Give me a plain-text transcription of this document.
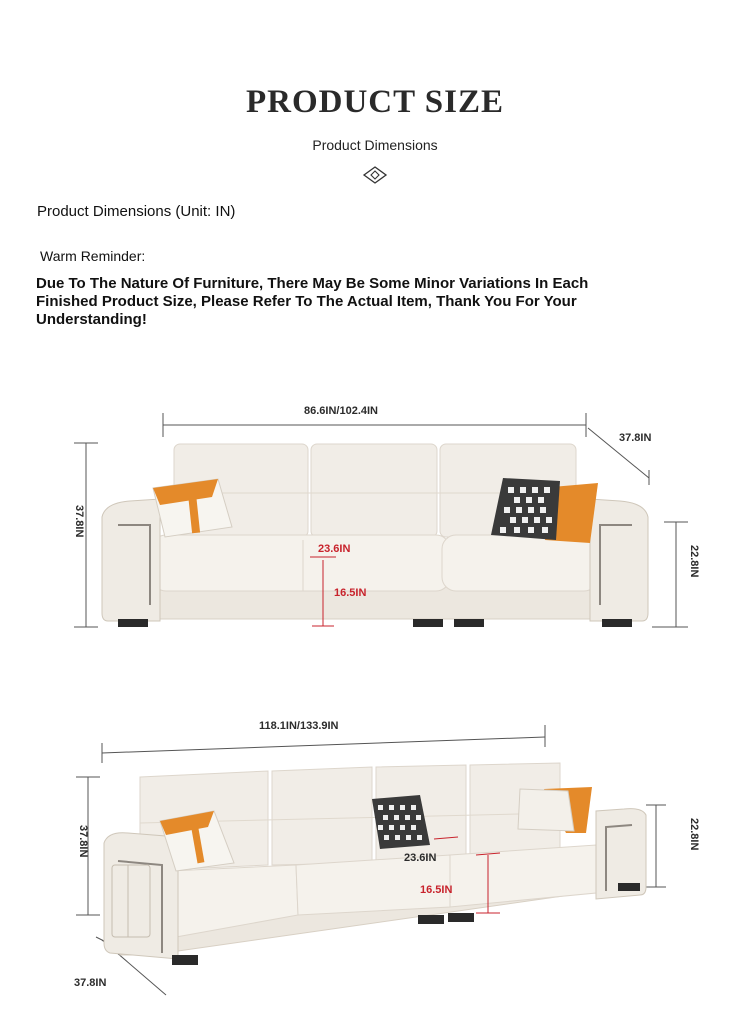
PRODUCT SIZE
Product Dimensions
Product Dimensions (Unit: IN)
Warm Reminder:
Due To The Nature Of Furniture, There May Be Some Minor Variations In Each Finished Product Size, Please Refer To The Actual Item, Thank You For Your Understanding!
86.6IN/102.4IN
37.8IN
37.8IN
22.8IN
23.6IN
16.5IN
118.1IN/133.9IN
37.8IN	22.8IN
37.8IN
23.6IN
16.5IN
